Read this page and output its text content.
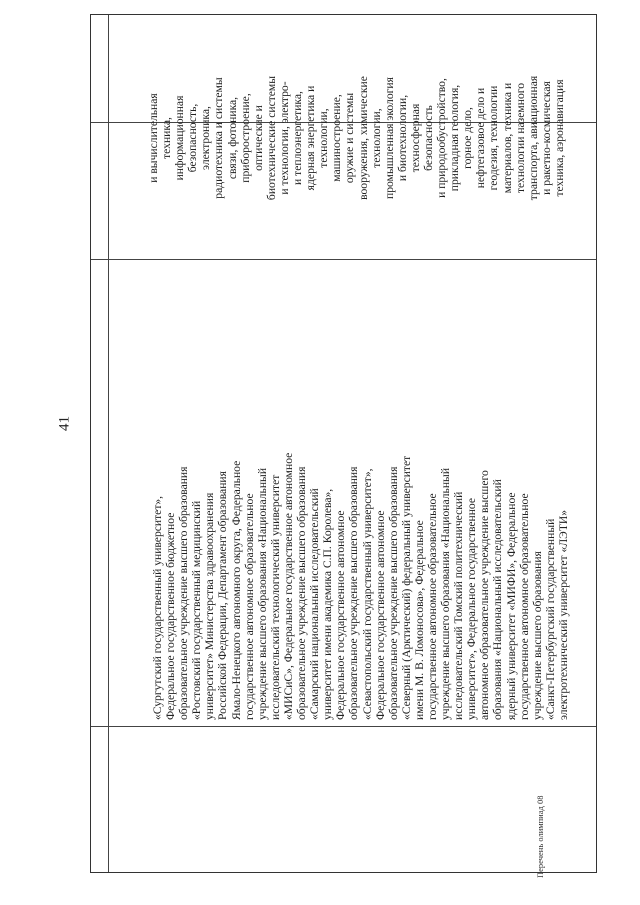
41
Перечень олимпиад 08
и вычислительная техника, информационная безопасность, электроника, радиотехника и системы связи, фотоника, приборостроение, оптические и биотехнические системы и технологии, электро- и теплоэнергетика, ядерная энергетика и технологии, машиностроение, оружие и системы вооружения, химические технологии, промышленная экология и биотехнологии, техносферная безопасность и природообустройство, прикладная геология, горное дело, нефтегазовое дело и геодезия, технологии материалов, техника и технологии наземного транспорта, авиационная и ракетно-космическая техника, аэронавигация
«Сургутский государственный университет», Федеральное государственное бюджетное образовательное учреждение высшего образования «Ростовский государственный медицинский университет» Министерства здравоохранения Российской Федерации, Департамент образования Ямало-Ненецкого автономного округа, Федеральное государственное автономное образовательное учреждение высшего образования «Национальный исследовательский технологический университет «МИСиС», Федеральное государственное автономное образовательное учреждение высшего образования «Самарский национальный исследовательский университет имени академика С.П. Королева», Федеральное государственное автономное образовательное учреждение высшего образования «Севастопольский государственный университет», Федеральное государственное автономное образовательное учреждение высшего образования «Северный (Арктический) федеральный университет имени М. В. Ломоносова», Федеральное государственное автономное образовательное учреждение высшего образования «Национальный исследовательский Томский политехнический университет», Федеральное государственное автономное образовательное учреждение высшего образования «Национальный исследовательский ядерный университет «МИФИ», Федеральное государственное автономное образовательное учреждение высшего образования «Санкт-Петербургский государственный электротехнический университет «ЛЭТИ»
